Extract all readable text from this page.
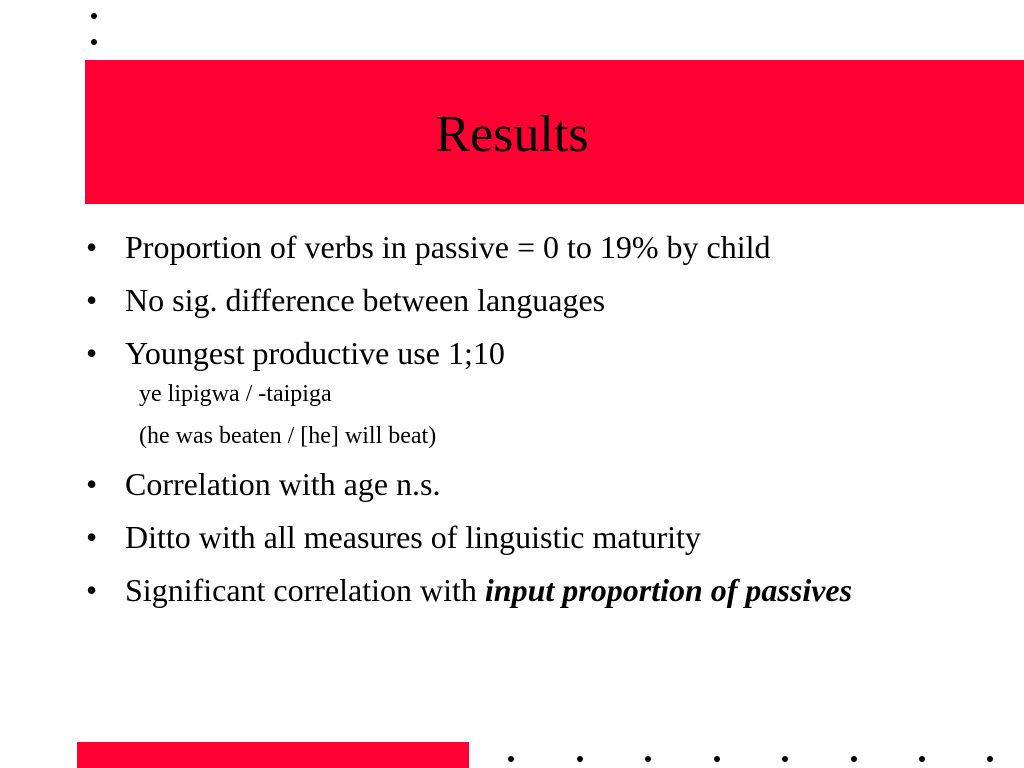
Results
• Proportion of verbs in passive = 0 to 19% by child
• No sig. difference between languages
• Youngest productive use 1;10
ye lipigwa / -taipiga
(he was beaten / [he] will beat)
• Correlation with age n.s.
• Ditto with all measures of linguistic maturity
• Significant correlation with input proportion of passives
